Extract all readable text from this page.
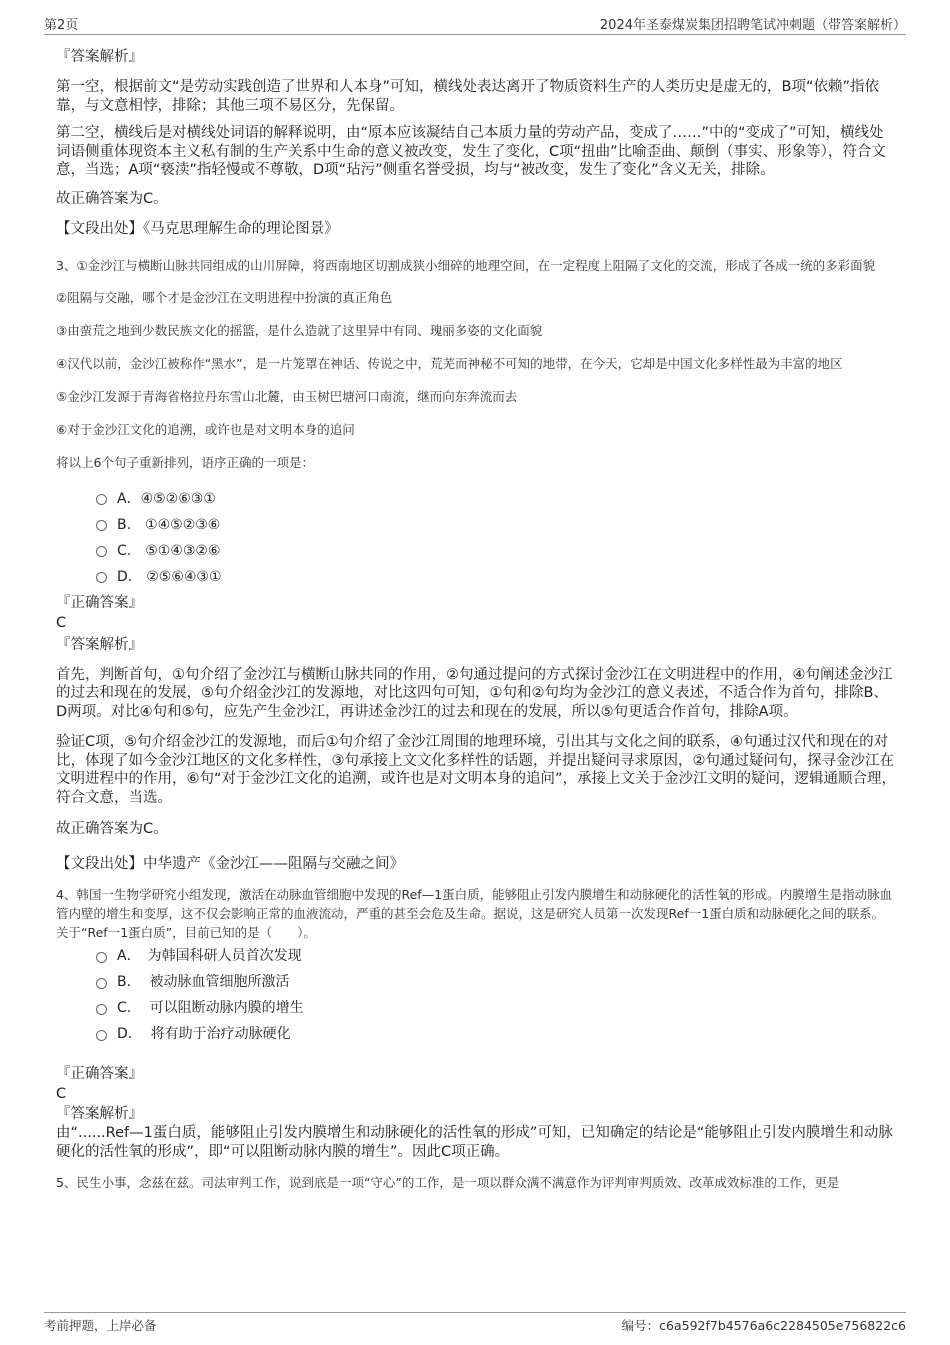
第2页	2024年圣泰煤炭集团招聘笔试冲刺题（带答案解析）

『答案解析』

第一空，根据前文“是劳动实践创造了世界和人本身”可知，横线处表达离开了物质资料生产的人类历史是虚无的，B项“依赖”指依靠，与文意相悖，排除；其他三项不易区分，先保留。

第二空，横线后是对横线处词语的解释说明，由“原本应该凝结自己本质力量的劳动产品，变成了……”中的“变成了”可知，横线处词语侧重体现资本主义私有制的生产关系中生命的意义被改变，发生了变化，C项“扭曲”比喻歪曲、颠倒（事实、形象等），符合文意，当选；A项“亵渎”指轻慢或不尊敬，D项“玷污”侧重名誉受损，均与“被改变，发生了变化”含义无关，排除。

故正确答案为C。

【文段出处】《马克思理解生命的理论图景》

3、①金沙江与横断山脉共同组成的山川屏障，将西南地区切割成狭小细碎的地理空间，在一定程度上阻隔了文化的交流，形成了各成一统的多彩面貌

②阻隔与交融，哪个才是金沙江在文明进程中扮演的真正角色

③由蛮荒之地到少数民族文化的摇篮，是什么造就了这里异中有同、瑰丽多姿的文化面貌

④汉代以前，金沙江被称作“黑水”，是一片笼罩在神话、传说之中，荒芜而神秘不可知的地带，在今天，它却是中国文化多样性最为丰富的地区

⑤金沙江发源于青海省格拉丹东雪山北麓，由玉树巴塘河口南流，继而向东奔流而去

⑥对于金沙江文化的追溯，或许也是对文明本身的追问

将以上6个句子重新排列，语序正确的一项是：

A．④⑤②⑥③①
B.　①④⑤②③⑥
C.　⑤①④③②⑥
D.　②⑤⑥④③①

『正确答案』

C

『答案解析』

首先，判断首句，①句介绍了金沙江与横断山脉共同的作用，②句通过提问的方式探讨金沙江在文明进程中的作用，④句阐述金沙江的过去和现在的发展，⑤句介绍金沙江的发源地，对比这四句可知，①句和②句均为金沙江的意义表述，不适合作为首句，排除B、D两项。对比④句和⑤句，应先产生金沙江，再讲述金沙江的过去和现在的发展，所以⑤句更适合作首句，排除A项。

验证C项，⑤句介绍金沙江的发源地，而后①句介绍了金沙江周围的地理环境，引出其与文化之间的联系，④句通过汉代和现在的对比，体现了如今金沙江地区的文化多样性，③句承接上文文化多样性的话题，并提出疑问寻求原因，②句通过疑问句，探寻金沙江在文明进程中的作用，⑥句“对于金沙江文化的追溯，或许也是对文明本身的追问”，承接上文关于金沙江文明的疑问，逻辑通顺合理，符合文意，当选。

故正确答案为C。

【文段出处】中华遗产《金沙江——阻隔与交融之间》

4、韩国一生物学研究小组发现，激活在动脉血管细胞中发现的Ref—1蛋白质，能够阻止引发内膜增生和动脉硬化的活性氧的形成。内膜增生是指动脉血管内壁的增生和变厚，这不仅会影响正常的血液流动，严重的甚至会危及生命。据说，这是研究人员第一次发现Ref一1蛋白质和动脉硬化之间的联系。

关于“Ref一1蛋白质”，目前已知的是（　　）。

A．　为韩国科研人员首次发现
B.　 被动脉血管细胞所激活
C.　 可以阻断动脉内膜的增生
D.　 将有助于治疗动脉硬化

『正确答案』

C

『答案解析』

由“......Ref—1蛋白质，能够阻止引发内膜增生和动脉硬化的活性氧的形成”可知，已知确定的结论是“能够阻止引发内膜增生和动脉硬化的活性氧的形成”，即“可以阻断动脉内膜的增生”。因此C项正确。

5、民生小事，念兹在兹。司法审判工作，说到底是一项“守心”的工作，是一项以群众满不满意作为评判审判质效、改革成效标准的工作，更是

考前押题，上岸必备	编号：c6a592f7b4576a6c2284505e756822c6
